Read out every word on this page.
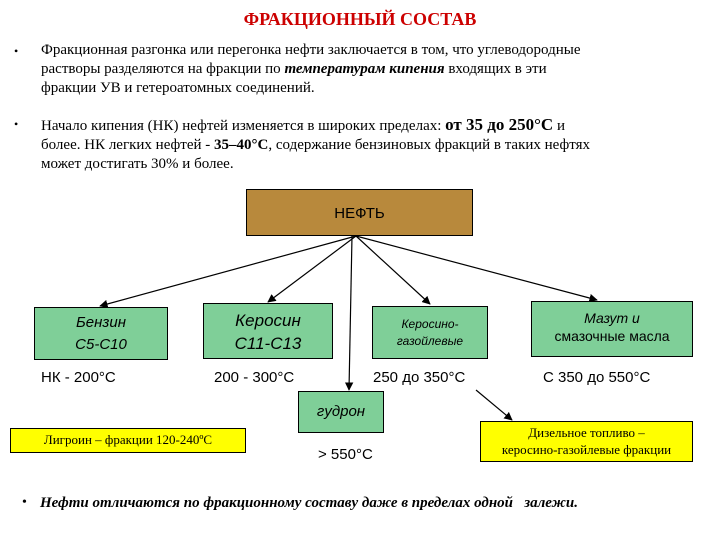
ФРАКЦИОННЫЙ СОСТАВ
• Фракционная разгонка или перегонка нефти заключается в том, что углеводородные
растворы разделяются на фракции по температурам кипения входящих в эти
фракции УВ и гетероатомных соединений.
• Начало кипения (НК) нефтей изменяется в широких пределах: от 35 до 250°С и
более. НК легких нефтей - 35–40°С, содержание бензиновых фракций в таких нефтях
может достигать 30% и более.
НЕФТЬ
Бензин
С5-С10
НК - 200°С
Керосин
С11-С13
200 - 300°С
Керосино-
газойлевые
250 до 350°С
Мазут и
смазочные масла
С 350 до 550°С
гудрон
> 550°С
Лигроин – фракции 120-240ºС	Дизельное топливо –
керосино-газойлевые фракции
• Нефти отличаются по фракционному составу даже в пределах одной   залежи.
